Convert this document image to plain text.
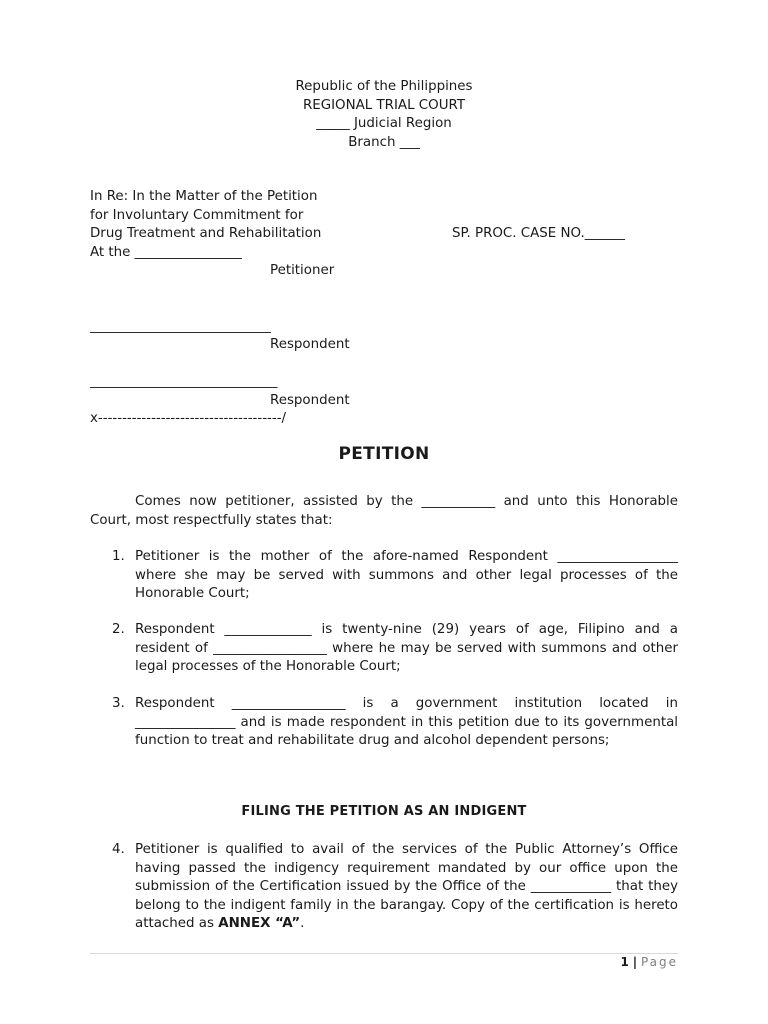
Republic of the Philippines
REGIONAL TRIAL COURT
_____ Judicial Region
Branch ___
In Re: In the Matter of the Petition
for Involuntary Commitment for
Drug Treatment and Rehabilitation	SP. PROC. CASE NO.______
At the ________________
Petitioner
___________________________
Respondent
____________________________
Respondent
x--------------------------------------/
PETITION
Comes now petitioner, assisted by the ___________ and unto this Honorable Court, most respectfully states that:
1. Petitioner is the mother of the afore-named Respondent __________________ where she may be served with summons and other legal processes of the Honorable Court;
2. Respondent _____________ is twenty-nine (29) years of age, Filipino and a resident of _________________ where he may be served with summons and other legal processes of the Honorable Court;
3. Respondent _________________ is a government institution located in _______________ and is made respondent in this petition due to its governmental function to treat and rehabilitate drug and alcohol dependent persons;
FILING THE PETITION AS AN INDIGENT
4. Petitioner is qualified to avail of the services of the Public Attorney’s Office having passed the indigency requirement mandated by our office upon the submission of the Certification issued by the Office of the ____________ that they belong to the indigent family in the barangay. Copy of the certification is hereto attached as ANNEX “A”.
1 | Page
